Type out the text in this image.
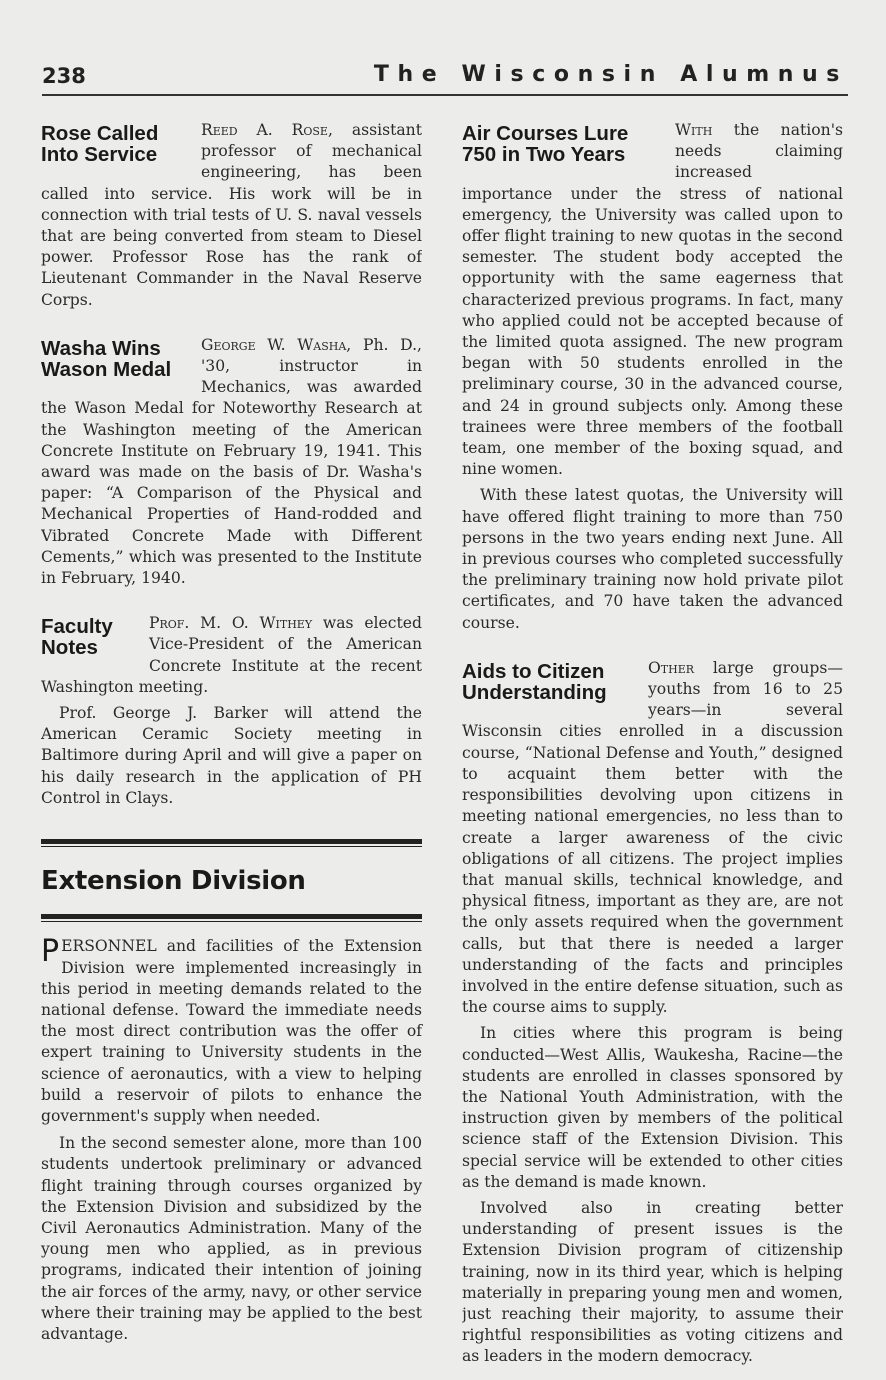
238	The Wisconsin Alumnus
Rose Called
Into Service

Reed A. Rose, assistant professor of mechanical engineering, has been called into service. His work will be in connection with trial tests of U. S. naval vessels that are being converted from steam to Diesel power. Professor Rose has the rank of Lieutenant Commander in the Naval Reserve Corps.

Washa Wins
Wason Medal

George W. Washa, Ph. D., '30, instructor in Mechanics, was awarded the Wason Medal for Noteworthy Research at the Washington meeting of the American Concrete Institute on February 19, 1941. This award was made on the basis of Dr. Washa's paper: “A Comparison of the Physical and Mechanical Properties of Hand-rodded and Vibrated Concrete Made with Different Cements,” which was presented to the Institute in February, 1940.

Faculty
Notes

Prof. M. O. Withey was elected Vice-President of the American Concrete Institute at the recent Washington meeting.

Prof. George J. Barker will attend the American Ceramic Society meeting in Baltimore during April and will give a paper on his daily research in the application of PH Control in Clays.

Extension Division

PERSONNEL and facilities of the Extension Division were implemented increasingly in this period in meeting demands related to the national defense. Toward the immediate needs the most direct contribution was the offer of expert training to University students in the science of aeronautics, with a view to helping build a reservoir of pilots to enhance the government's supply when needed.

In the second semester alone, more than 100 students undertook preliminary or advanced flight training through courses organized by the Extension Division and subsidized by the Civil Aeronautics Administration. Many of the young men who applied, as in previous programs, indicated their intention of joining the air forces of the army, navy, or other service where their training may be applied to the best advantage.

Air Courses Lure
750 in Two Years

With the nation's needs claiming increased importance under the stress of national emergency, the University was called upon to offer flight training to new quotas in the second semester. The student body accepted the opportunity with the same eagerness that characterized previous programs. In fact, many who applied could not be accepted because of the limited quota assigned. The new program began with 50 students enrolled in the preliminary course, 30 in the advanced course, and 24 in ground subjects only. Among these trainees were three members of the football team, one member of the boxing squad, and nine women.

With these latest quotas, the University will have offered flight training to more than 750 persons in the two years ending next June. All in previous courses who completed successfully the preliminary training now hold private pilot certificates, and 70 have taken the advanced course.

Aids to Citizen
Understanding

Other large groups—youths from 16 to 25 years—in several Wisconsin cities enrolled in a discussion course, “National Defense and Youth,” designed to acquaint them better with the responsibilities devolving upon citizens in meeting national emergencies, no less than to create a larger awareness of the civic obligations of all citizens. The project implies that manual skills, technical knowledge, and physical fitness, important as they are, are not the only assets required when the government calls, but that there is needed a larger understanding of the facts and principles involved in the entire defense situation, such as the course aims to supply.

In cities where this program is being conducted—West Allis, Waukesha, Racine—the students are enrolled in classes sponsored by the National Youth Administration, with the instruction given by members of the political science staff of the Extension Division. This special service will be extended to other cities as the demand is made known.

Involved also in creating better understanding of present issues is the Extension Division program of citizenship training, now in its third year, which is helping materially in preparing young men and women, just reaching their majority, to assume their rightful responsibilities as voting citizens and as leaders in the modern democracy.
